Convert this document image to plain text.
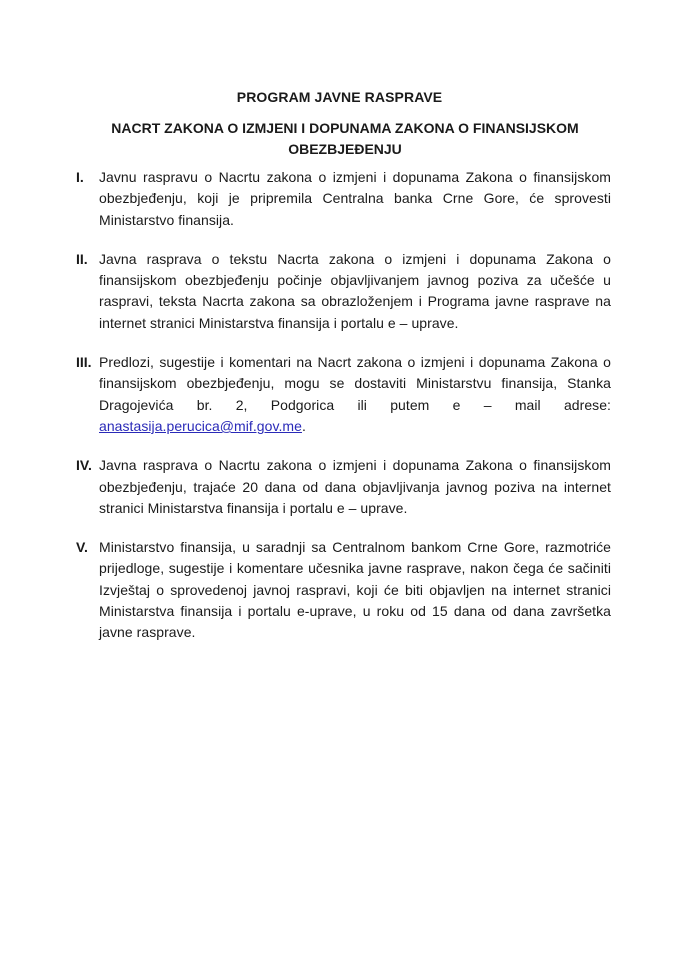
PROGRAM JAVNE RASPRAVE
NACRT ZAKONA O IZMJENI I DOPUNAMA ZAKONA O FINANSIJSKOM OBEZBJEĐENJU
I. Javnu raspravu o Nacrtu zakona o izmjeni i dopunama Zakona o finansijskom obezbjeđenju, koji je pripremila Centralna banka Crne Gore, će sprovesti Ministarstvo finansija.
II. Javna rasprava o tekstu Nacrta zakona o izmjeni i dopunama Zakona o finansijskom obezbjeđenju počinje objavljivanjem javnog poziva za učešće u raspravi, teksta Nacrta zakona sa obrazloženjem i Programa javne rasprave na internet stranici Ministarstva finansija i portalu e – uprave.
III. Predlozi, sugestije i komentari na Nacrt zakona o izmjeni i dopunama Zakona o finansijskom obezbjeđenju, mogu se dostaviti Ministarstvu finansija, Stanka Dragojevića br. 2, Podgorica ili putem e – mail adrese: anastasija.perucica@mif.gov.me.
IV. Javna rasprava o Nacrtu zakona o izmjeni i dopunama Zakona o finansijskom obezbjeđenju, trajaće 20 dana od dana objavljivanja javnog poziva na internet stranici Ministarstva finansija i portalu e – uprave.
V. Ministarstvo finansija, u saradnji sa Centralnom bankom Crne Gore, razmotriće prijedloge, sugestije i komentare učesnika javne rasprave, nakon čega će sačiniti Izvještaj o sprovedenoj javnoj raspravi, koji će biti objavljen na internet stranici Ministarstva finansija i portalu e-uprave, u roku od 15 dana od dana završetka javne rasprave.
